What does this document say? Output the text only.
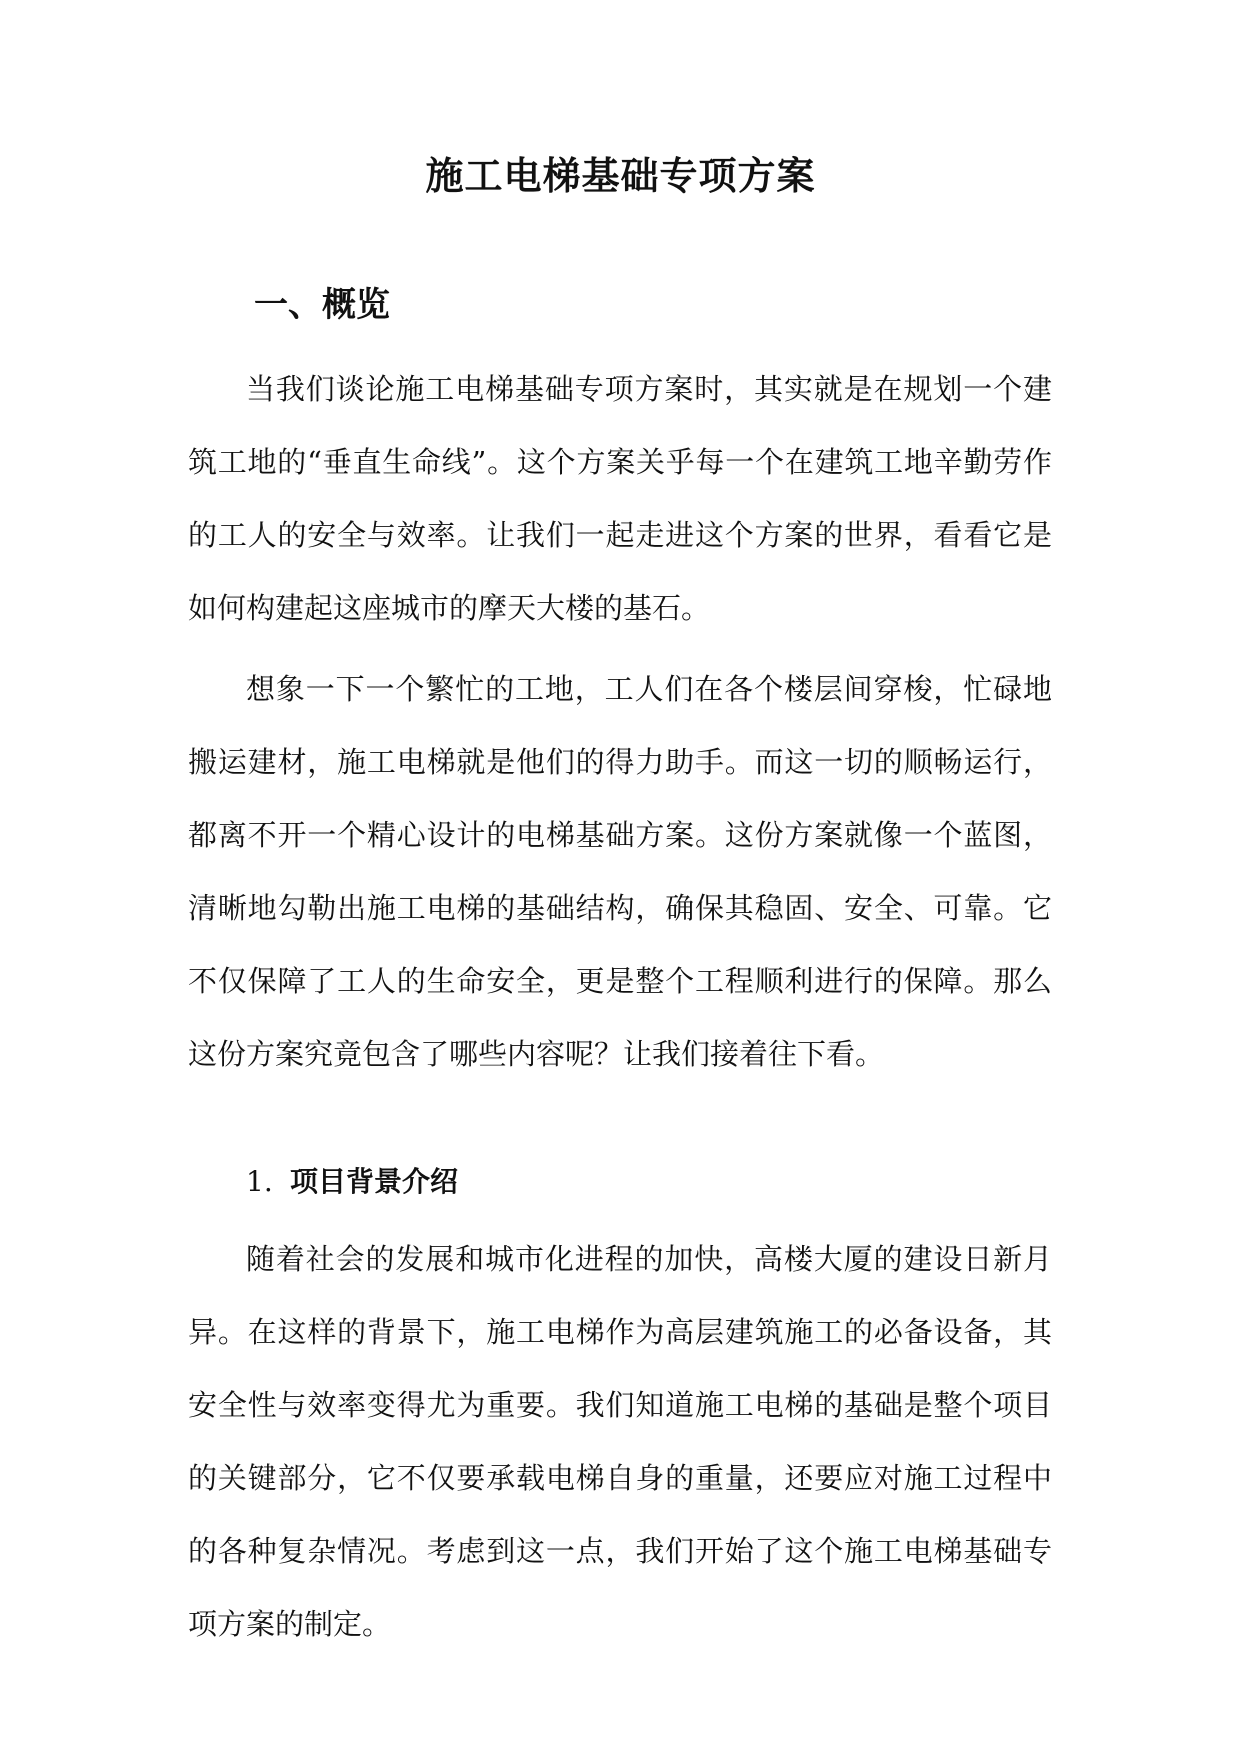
施工电梯基础专项方案
一、概览

当我们谈论施工电梯基础专项方案时，其实就是在规划一个建筑工地的“垂直生命线”。这个方案关乎每一个在建筑工地辛勤劳作的工人的安全与效率。让我们一起走进这个方案的世界，看看它是如何构建起这座城市的摩天大楼的基石。

想象一下一个繁忙的工地，工人们在各个楼层间穿梭，忙碌地搬运建材，施工电梯就是他们的得力助手。而这一切的顺畅运行，都离不开一个精心设计的电梯基础方案。这份方案就像一个蓝图，清晰地勾勒出施工电梯的基础结构，确保其稳固、安全、可靠。它不仅保障了工人的生命安全，更是整个工程顺利进行的保障。那么这份方案究竟包含了哪些内容呢？让我们接着往下看。

1. 项目背景介绍

随着社会的发展和城市化进程的加快，高楼大厦的建设日新月异。在这样的背景下，施工电梯作为高层建筑施工的必备设备，其安全性与效率变得尤为重要。我们知道施工电梯的基础是整个项目的关键部分，它不仅要承载电梯自身的重量，还要应对施工过程中的各种复杂情况。考虑到这一点，我们开始了这个施工电梯基础专项方案的制定。
